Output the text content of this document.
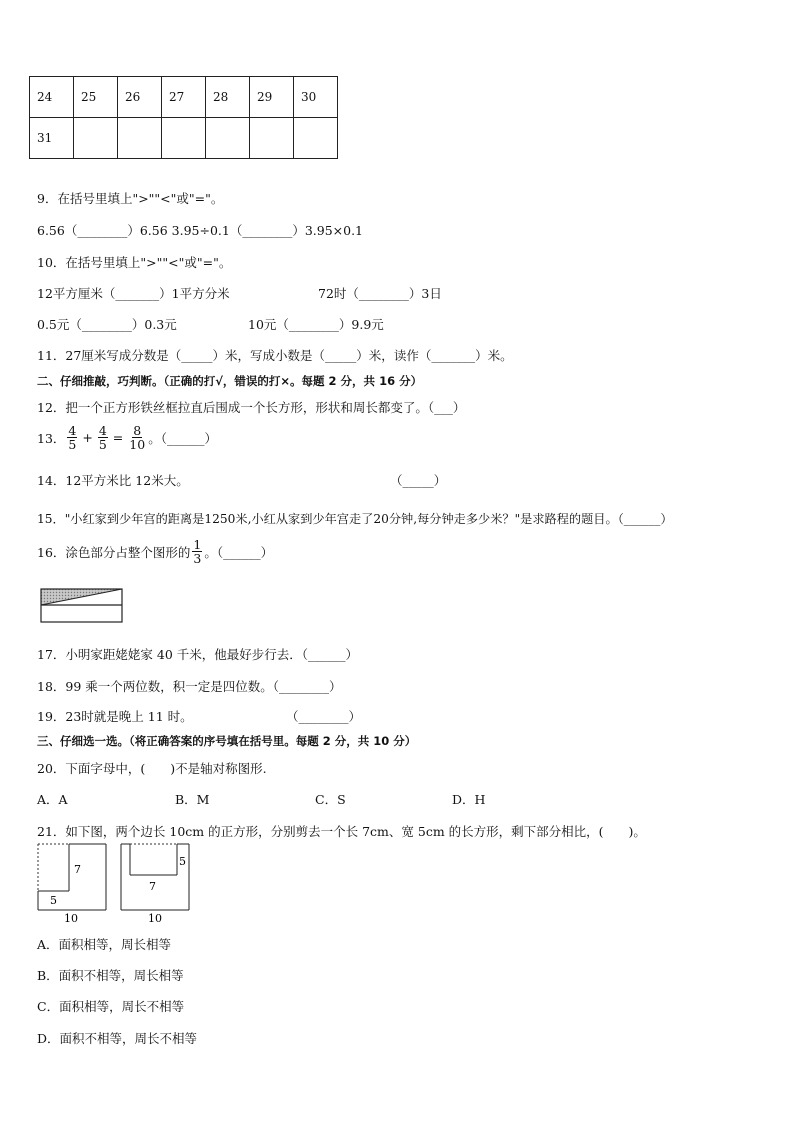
24	25	26	27	28	29	30
31						
9．在括号里填上">""<"或"="。
6.56（________）6.56 3.95÷0.1（________）3.95×0.1
10．在括号里填上">""<"或"="。
12平方厘米（_______）1平方分米	72时（________）3日
0.5元（________）0.3元	10元（________）9.9元
11．27厘米写成分数是（_____）米，写成小数是（_____）米，读作（_______）米。
二、仔细推敲，巧判断。（正确的打√，错误的打×。每题 2 分，共 16 分）
12．把一个正方形铁丝框拉直后围成一个长方形，形状和周长都变了。（___）
13． $\frac{4}{5} + \frac{4}{5} = \frac{8}{10}$ 。（______）
14．12平方米比 12米大。	（_____）
15．"小红家到少年宫的距离是1250米,小红从家到少年宫走了20分钟,每分钟走多少米？"是求路程的题目。（______）
16．涂色部分占整个图形的 $\frac{1}{3}$ 。（______）
17．小明家距姥姥家 40 千米，他最好步行去．（______）
18．99 乘一个两位数，积一定是四位数。（________）
19．23时就是晚上 11 时。	（________）
三、仔细选一选。（将正确答案的序号填在括号里。每题 2 分，共 10 分）
20．下面字母中，(　　)不是轴对称图形.
A．A	B．M	C．S	D．H
21．如下图，两个边长 10cm 的正方形，分别剪去一个长 7cm、宽 5cm 的长方形，剩下部分相比，(　　)。
7
5
10
5
7
10
A．面积相等，周长相等
B．面积不相等，周长相等
C．面积相等，周长不相等
D．面积不相等，周长不相等
